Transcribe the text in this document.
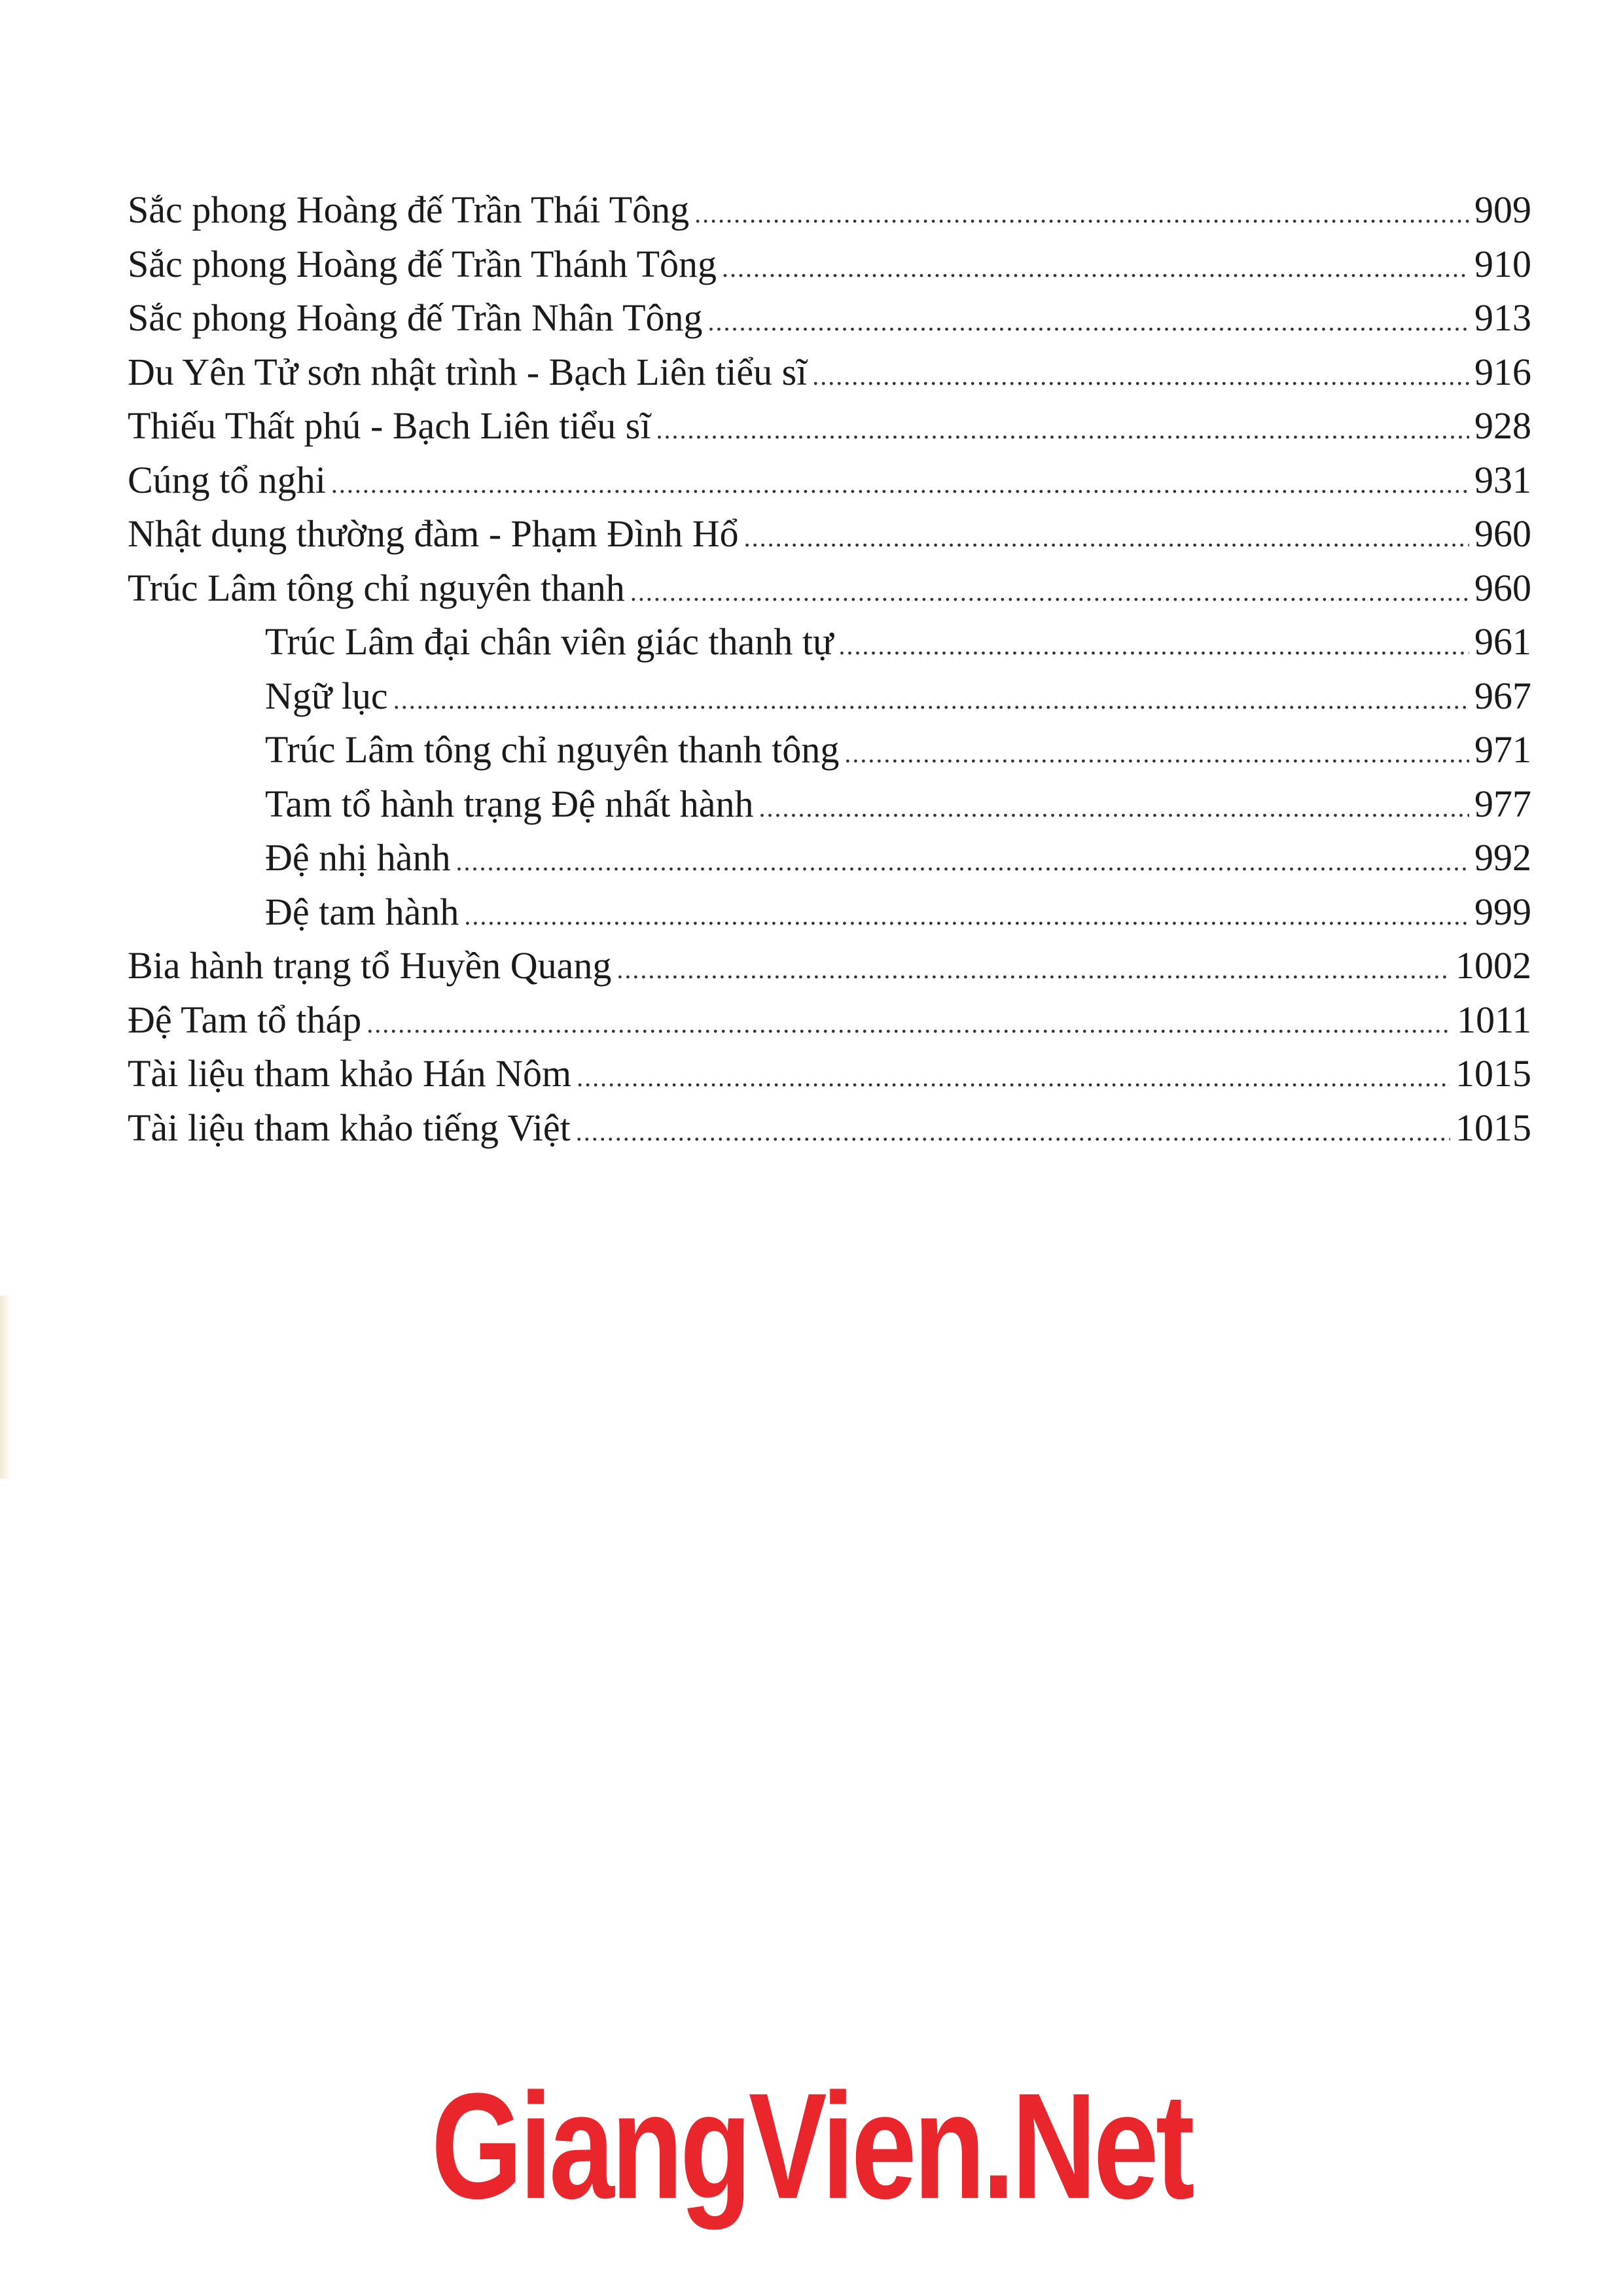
Sắc phong Hoàng đế Trần Thái Tông . . .	909
Sắc phong Hoàng đế Trần Thánh Tông . . .	910
Sắc phong Hoàng đế Trần Nhân Tông . . .	913
Du Yên Tử sơn nhật trình - Bạch Liên tiểu sĩ . . .	916
Thiếu Thất phú - Bạch Liên tiểu sĩ . . .	928
Cúng tổ nghi . . .	931
Nhật dụng thường đàm - Phạm Đình Hổ . . .	960
Trúc Lâm tông chỉ nguyên thanh . . .	960
Trúc Lâm đại chân viên giác thanh tự . . .	961
Ngữ lục . . .	967
Trúc Lâm tông chỉ nguyên thanh tông . . .	971
Tam tổ hành trạng Đệ nhất hành . . .	977
Đệ nhị hành . . .	992
Đệ tam hành . . .	999
Bia hành trạng tổ Huyền Quang . . .	1002
Đệ Tam tổ tháp . . .	1011
Tài liệu tham khảo Hán Nôm . . .	1015
Tài liệu tham khảo tiếng Việt . . .	1015
GiangVien.Net
